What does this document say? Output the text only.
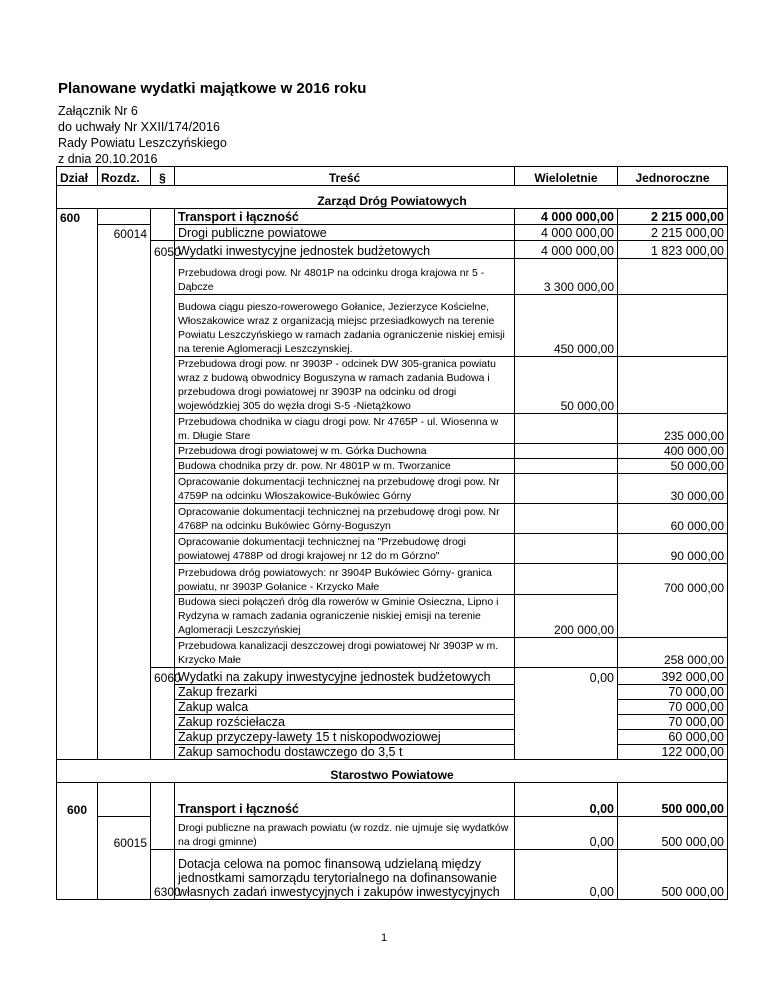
Planowane wydatki majątkowe w 2016 roku
Załącznik Nr 6
do uchwały Nr XXII/174/2016
Rady Powiatu Leszczyńskiego
z dnia 20.10.2016
Dział	Rozdz.	§	Treść	Wieloletnie	Jednoroczne
Zarząd Dróg Powiatowych					
600			Transport i łączność	4 000 000,00	2 215 000,00
	60014		Drogi publiczne powiatowe	4 000 000,00	2 215 000,00
		6050	Wydatki inwestycyjne jednostek budżetowych	4 000 000,00	1 823 000,00
			Przebudowa drogi pow. Nr 4801P na odcinku droga krajowa nr 5 - Dąbcze	3 300 000,00	
			Budowa ciągu pieszo-rowerowego Gołanice, Jezierzyce Kościelne, Włoszakowice wraz z organizacją miejsc przesiadkowych na terenie Powiatu Leszczyńskiego w ramach zadania ograniczenie niskiej emisji na terenie Aglomeracji Leszczynskiej.	450 000,00	
			Przebudowa drogi pow. nr 3903P - odcinek DW 305-granica powiatu wraz z budową obwodnicy Boguszyna w ramach zadania Budowa i przebudowa drogi powiatowej nr 3903P na odcinku od drogi wojewódzkiej 305 do węzła drogi S-5 -Nietążkowo	50 000,00	
			Przebudowa chodnika w ciagu drogi pow. Nr 4765P - ul. Wiosenna w m. Długie Stare		235 000,00
			Przebudowa drogi powiatowej w m. Górka Duchowna		400 000,00
			Budowa chodnika przy dr. pow. Nr 4801P w m. Tworzanice		50 000,00
			Opracowanie dokumentacji technicznej na przebudowę drogi pow. Nr 4759P na odcinku Włoszakowice-Bukówiec Górny		30 000,00
			Opracowanie dokumentacji technicznej na przebudowę drogi pow. Nr 4768P na odcinku Bukówiec Górny-Boguszyn		60 000,00
			Opracowanie dokumentacji technicznej na "Przebudowę drogi powiatowej 4788P od drogi krajowej nr 12 do m Górzno"		90 000,00
			Przebudowa dróg powiatowych: nr 3904P Bukówiec Górny- granica powiatu, nr 3903P Gołanice - Krzycko Małe		700 000,00
			Budowa sieci połączeń dróg dla rowerów w Gminie Osieczna, Lipno i Rydzyna w ramach zadania ograniczenie niskiej emisji na terenie Aglomeracji Leszczyńskiej	200 000,00	
			Przebudowa kanalizacji deszczowej drogi powiatowej Nr 3903P w m. Krzycko Małe		258 000,00
		6060	Wydatki na zakupy inwestycyjne jednostek budżetowych	0,00	392 000,00
			Zakup frezarki		70 000,00
			Zakup walca		70 000,00
			Zakup rozściełacza		70 000,00
			Zakup przyczepy-lawety 15 t niskopodwoziowej		60 000,00
			Zakup samochodu dostawczego do 3,5 t		122 000,00
Starostwo Powiatowe					
600			Transport i łączność	0,00	500 000,00
	60015		Drogi publiczne na prawach powiatu (w rozdz. nie ujmuje się wydatków na drogi gminne)	0,00	500 000,00
		6300	Dotacja celowa na pomoc finansową udzielaną między jednostkami samorządu terytorialnego na dofinansowanie własnych zadań inwestycyjnych i zakupów inwestycyjnych	0,00	500 000,00
1
